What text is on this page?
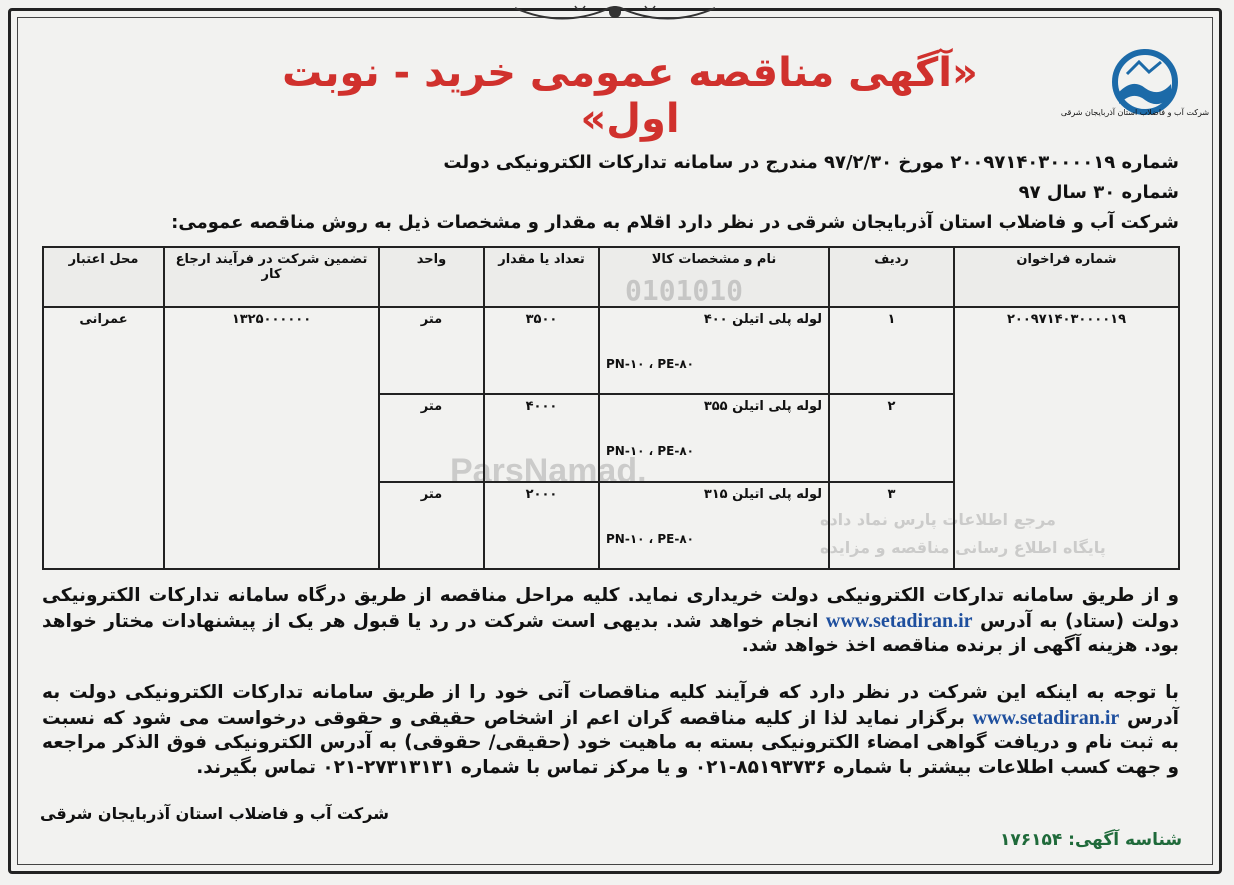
شرکت آب و فاضلاب استان آذربایجان شرقی
«آگهی مناقصه عمومی خرید - نوبت اول»
شماره ۲۰۰۹۷۱۴۰۳۰۰۰۰۱۹ مورخ ۹۷/۲/۳۰ مندرج در سامانه تدارکات الکترونیکی دولت
شماره ۳۰ سال ۹۷
شرکت آب و فاضلاب استان آذربایجان شرقی در نظر دارد اقلام به مقدار و مشخصات ذیل به روش مناقصه عمومی:
شماره فراخوان	ردیف	نام و مشخصات کالا	تعداد یا مقدار	واحد	تضمین شرکت در فرآیند ارجاع کار	محل اعتبار
۲۰۰۹۷۱۴۰۳۰۰۰۰۱۹	۱	لوله پلی اتیلن ۴۰۰
PN-۱۰ ، PE-۸۰	۳۵۰۰	متر	۱۳۲۵۰۰۰۰۰۰	عمرانی
	۲	لوله پلی اتیلن ۳۵۵
PN-۱۰ ، PE-۸۰	۴۰۰۰	متر		
	۳	لوله پلی اتیلن ۳۱۵
PN-۱۰ ، PE-۸۰	۲۰۰۰	متر		
ParsNamad.
مرجع اطلاعات پارس نماد داده
پایگاه اطلاع رسانی مناقصه و مزایده
و از طریق سامانه تدارکات الکترونیکی دولت خریداری نماید. کلیه مراحل مناقصه از طریق درگاه سامانه تدارکات الکترونیکی دولت (ستاد) به آدرس www.setadiran.ir انجام خواهد شد. بدیهی است شرکت در رد یا قبول هر یک از پیشنهادات مختار خواهد بود. هزینه آگهی از برنده مناقصه اخذ خواهد شد.
با توجه به اینکه این شرکت در نظر دارد که فرآیند کلیه مناقصات آتی خود را از طریق سامانه تدارکات الکترونیکی دولت به آدرس www.setadiran.ir برگزار نماید لذا از کلیه مناقصه گران اعم از اشخاص حقیقی و حقوقی درخواست می شود که نسبت به ثبت نام و دریافت گواهی امضاء الکترونیکی بسته به ماهیت خود (حقیقی/ حقوقی) به آدرس الکترونیکی فوق الذکر مراجعه و جهت کسب اطلاعات بیشتر با شماره ۸۵۱۹۳۷۳۶-۰۲۱ و یا مرکز تماس با شماره ۲۷۳۱۳۱۳۱-۰۲۱ تماس بگیرند.
شرکت آب و فاضلاب استان آذربایجان شرقی
شناسه آگهی: ۱۷۶۱۵۴
